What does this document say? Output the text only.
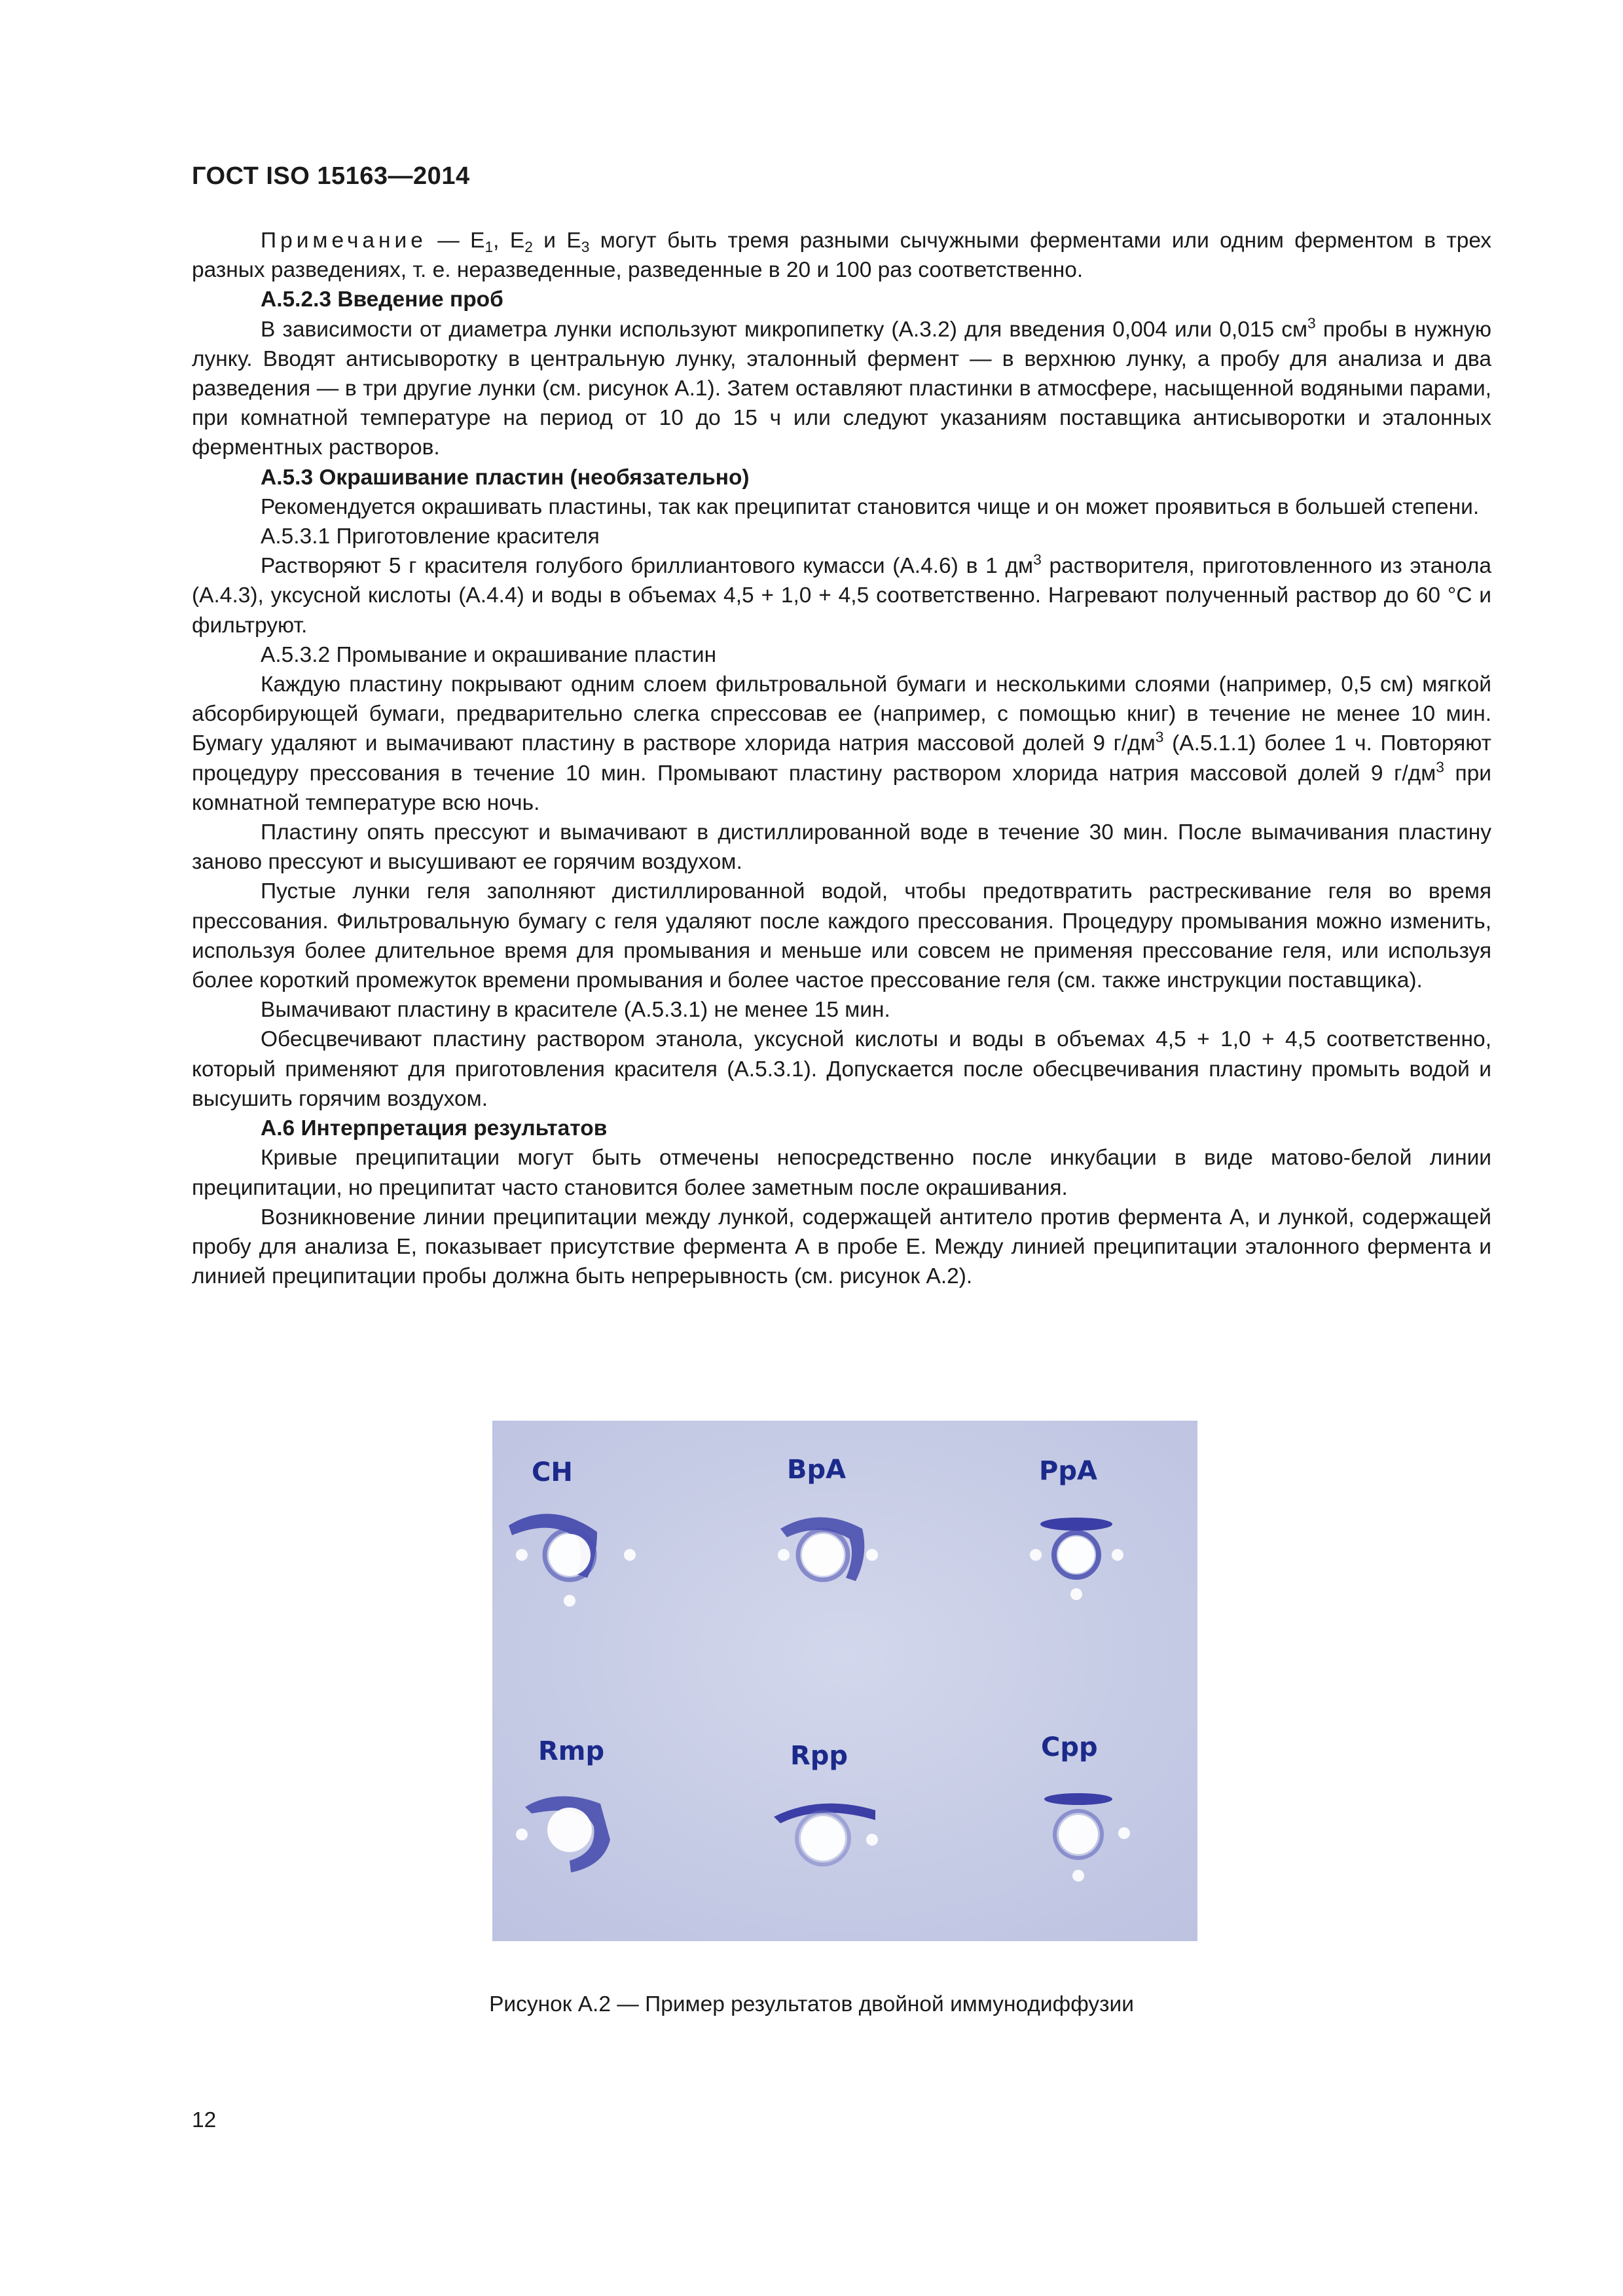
ГОСТ ISO 15163—2014

Примечание — $E_1$, $E_2$ и $E_3$ могут быть тремя разными сычужными ферментами или одним ферментом в трех разных разведениях, т. е. неразведенные, разведенные в 20 и 100 раз соответственно.

А.5.2.3 Введение проб

В зависимости от диаметра лунки используют микропипетку (А.3.2) для введения 0,004 или 0,015 $см^3$ пробы в нужную лунку. Вводят антисыворотку в центральную лунку, эталонный фермент — в верхнюю лунку, а пробу для анализа и два разведения — в три другие лунки (см. рисунок А.1). Затем оставляют пластинки в атмосфере, насыщенной водяными парами, при комнатной температуре на период от 10 до 15 ч или следуют указаниям поставщика антисыворотки и эталонных ферментных растворов.

А.5.3 Окрашивание пластин (необязательно)

Рекомендуется окрашивать пластины, так как преципитат становится чище и он может проявиться в большей степени.

А.5.3.1 Приготовление красителя

Растворяют 5 г красителя голубого бриллиантового кумасси (А.4.6) в 1 $дм^3$ растворителя, приготовленного из этанола (А.4.3), уксусной кислоты (А.4.4) и воды в объемах 4,5 + 1,0 + 4,5 соответственно. Нагревают полученный раствор до 60 °С и фильтруют.

А.5.3.2 Промывание и окрашивание пластин

Каждую пластину покрывают одним слоем фильтровальной бумаги и несколькими слоями (например, 0,5 см) мягкой абсорбирующей бумаги, предварительно слегка спрессовав ее (например, с помощью книг) в течение не менее 10 мин. Бумагу удаляют и вымачивают пластину в растворе хлорида натрия массовой долей 9 $г/дм^3$ (А.5.1.1) более 1 ч. Повторяют процедуру прессования в течение 10 мин. Промывают пластину раствором хлорида натрия массовой долей 9 $г/дм^3$ при комнатной температуре всю ночь.

Пластину опять прессуют и вымачивают в дистиллированной воде в течение 30 мин. После вымачивания пластину заново прессуют и высушивают ее горячим воздухом.

Пустые лунки геля заполняют дистиллированной водой, чтобы предотвратить растрескивание геля во время прессования. Фильтровальную бумагу с геля удаляют после каждого прессования. Процедуру промывания можно изменить, используя более длительное время для промывания и меньше или совсем не применяя прессование геля, или используя более короткий промежуток времени промывания и более частое прессование геля (см. также инструкции поставщика).

Вымачивают пластину в красителе (А.5.3.1) не менее 15 мин.

Обесцвечивают пластину раствором этанола, уксусной кислоты и воды в объемах 4,5 + 1,0 + 4,5 соответственно, который применяют для приготовления красителя (А.5.3.1). Допускается после обесцвечивания пластину промыть водой и высушить горячим воздухом.

А.6 Интерпретация результатов

Кривые преципитации могут быть отмечены непосредственно после инкубации в виде матово-белой линии преципитации, но преципитат часто становится более заметным после окрашивания.

Возникновение линии преципитации между лункой, содержащей антитело против фермента А, и лункой, содержащей пробу для анализа Е, показывает присутствие фермента А в пробе Е. Между линией преципитации эталонного фермента и линией преципитации пробы должна быть непрерывность (см. рисунок А.2).

CH	BpA	PpA
Rmp	Rpp	Cpp
Рисунок А.2 — Пример результатов двойной иммунодиффузии
12
